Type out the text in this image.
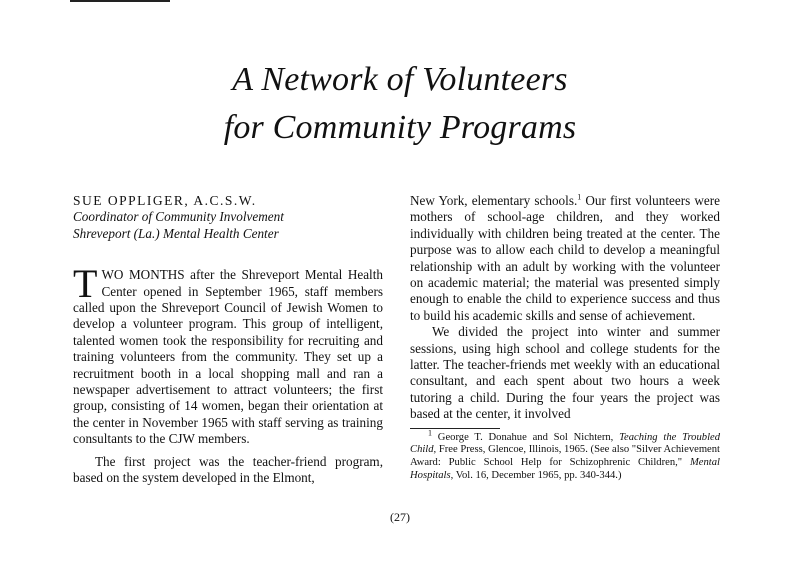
A Network of Volunteers
for Community Programs
SUE OPPLIGER, A.C.S.W.
Coordinator of Community Involvement
Shreveport (La.) Mental Health Center

TWO MONTHS after the Shreveport Mental Health Center opened in September 1965, staff members called upon the Shreveport Council of Jewish Women to develop a volunteer program. This group of intelligent, talented women took the responsibility for recruiting and training volunteers from the community. They set up a recruitment booth in a local shopping mall and ran a newspaper advertisement to attract volunteers; the first group, consisting of 14 women, began their orientation at the center in November 1965 with staff serving as training consultants to the CJW members.

The first project was the teacher-friend program, based on the system developed in the Elmont,

New York, elementary schools.$^1$ Our first volunteers were mothers of school-age children, and they worked individually with children being treated at the center. The purpose was to allow each child to develop a meaningful relationship with an adult by working with the volunteer on academic material; the material was presented simply enough to enable the child to experience success and thus to build his academic skills and sense of achievement.

We divided the project into winter and summer sessions, using high school and college students for the latter. The teacher-friends met weekly with an educational consultant, and each spent about two hours a week tutoring a child. During the four years the project was based at the center, it involved

$^1$ George T. Donahue and Sol Nichtern, Teaching the Troubled Child, Free Press, Glencoe, Illinois, 1965. (See also "Silver Achievement Award: Public School Help for Schizophrenic Children," Mental Hospitals, Vol. 16, December 1965, pp. 340-344.)
(27)
